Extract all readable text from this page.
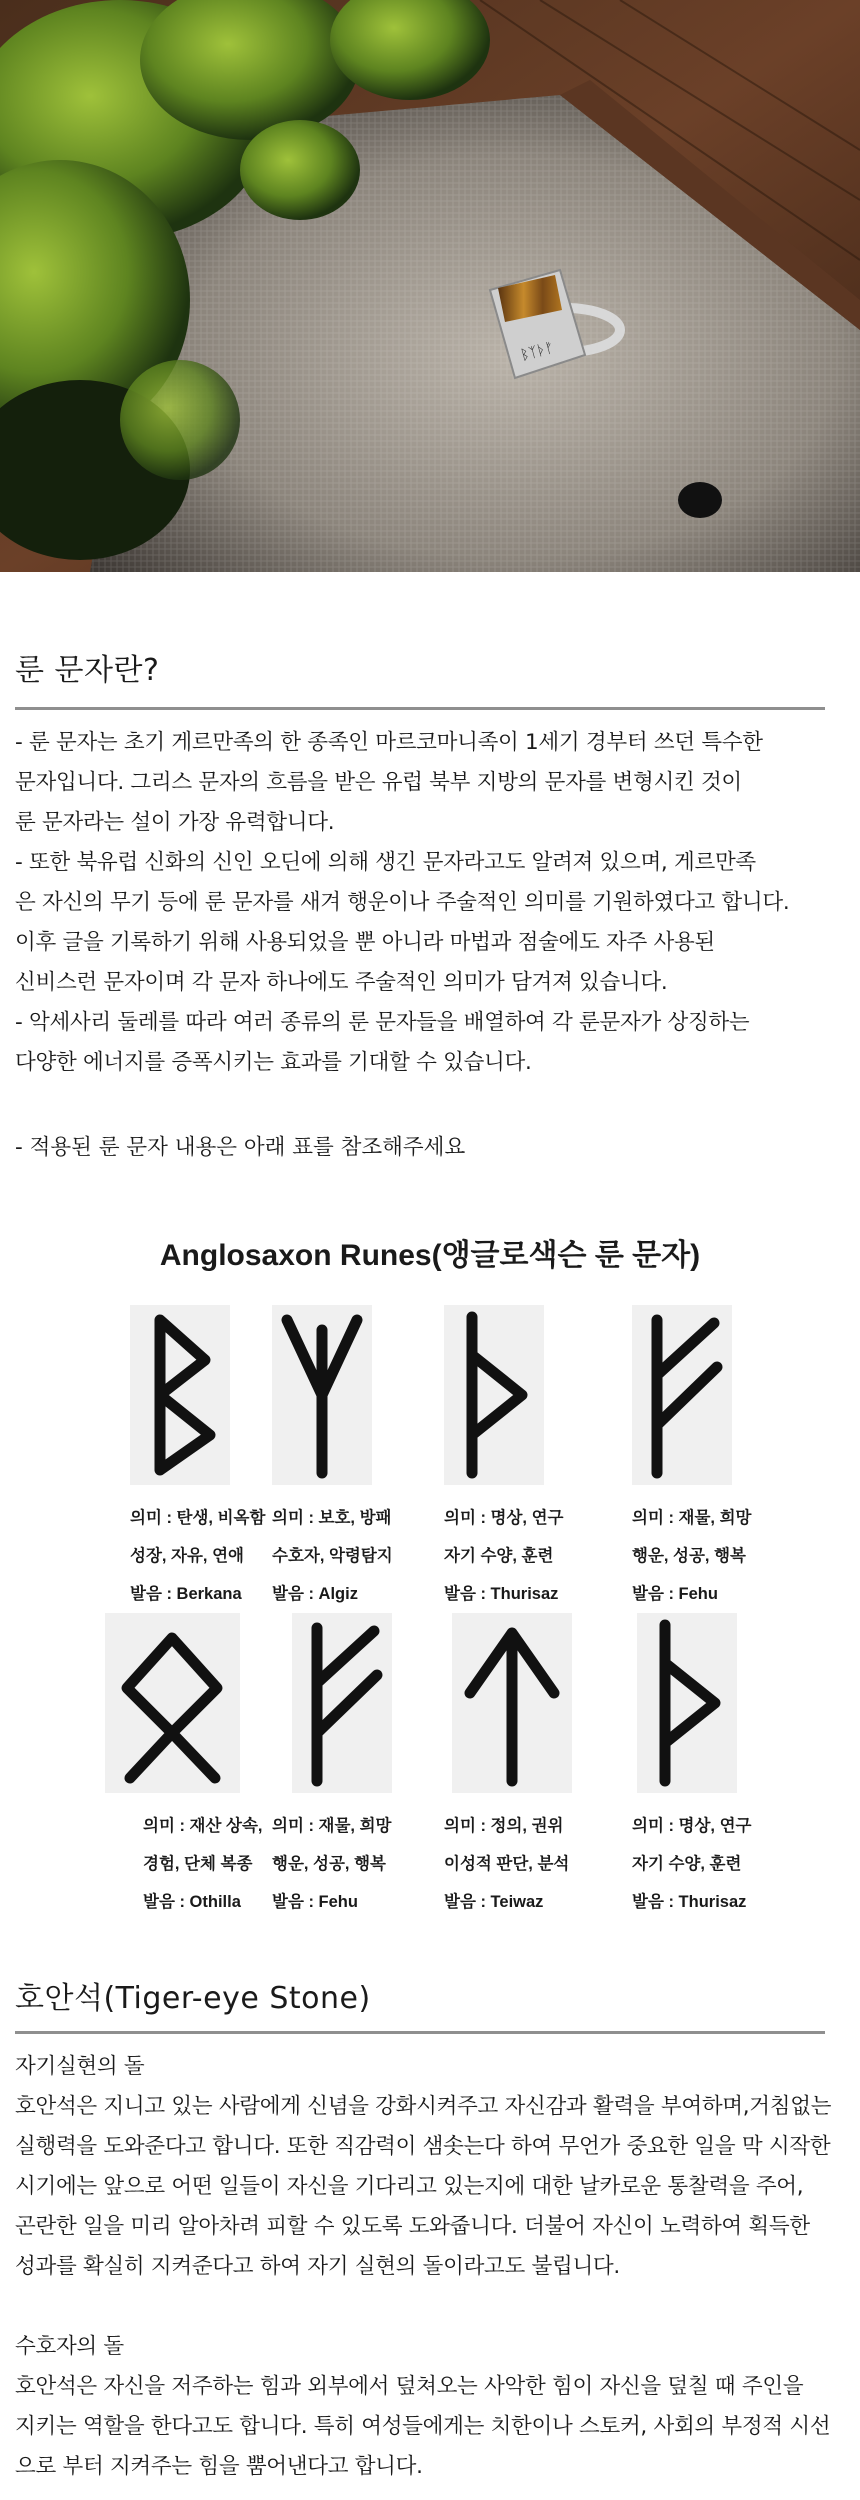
ᛒᛉᚦᚠ
룬 문자란?

- 룬 문자는 초기 게르만족의 한 종족인 마르코마니족이 1세기 경부터 쓰던 특수한
문자입니다. 그리스 문자의 흐름을 받은 유럽 북부 지방의 문자를 변형시킨 것이
룬 문자라는 설이 가장 유력합니다.
- 또한 북유럽 신화의 신인 오딘에 의해 생긴 문자라고도 알려져 있으며, 게르만족
은 자신의 무기 등에 룬 문자를 새겨 행운이나 주술적인 의미를 기원하였다고 합니다.
이후 글을 기록하기 위해 사용되었을 뿐 아니라 마법과 점술에도 자주 사용된
신비스런 문자이며 각 문자 하나에도 주술적인 의미가 담겨져 있습니다.
- 악세사리 둘레를 따라 여러 종류의 룬 문자들을 배열하여 각 룬문자가 상징하는
다양한 에너지를 증폭시키는 효과를 기대할 수 있습니다.

- 적용된 룬 문자 내용은 아래 표를 참조해주세요

Anglosaxon Runes(앵글로색슨 룬 문자)
의미 : 탄생, 비옥함
성장, 자유, 연애
발음 : Berkana
의미 : 보호, 방패
수호자, 악령탐지
발음 : Algiz
의미 : 명상, 연구
자기 수양, 훈련
발음 : Thurisaz
의미 : 재물, 희망
행운, 성공, 행복
발음 : Fehu
의미 : 재산 상속,
경험, 단체 복종
발음 : Othilla
의미 : 재물, 희망
행운, 성공, 행복
발음 : Fehu
의미 : 정의, 권위
이성적 판단, 분석
발음 : Teiwaz
의미 : 명상, 연구
자기 수양, 훈련
발음 : Thurisaz
호안석(Tiger-eye Stone)

자기실현의 돌
호안석은 지니고 있는 사람에게 신념을 강화시켜주고 자신감과 활력을 부여하며,거침없는
실행력을 도와준다고 합니다. 또한 직감력이 샘솟는다 하여 무언가 중요한 일을 막 시작한
시기에는 앞으로 어떤 일들이 자신을 기다리고 있는지에 대한 날카로운 통찰력을 주어,
곤란한 일을 미리 알아차려 피할 수 있도록 도와줍니다. 더불어 자신이 노력하여 획득한
성과를 확실히 지켜준다고 하여 자기 실현의 돌이라고도 불립니다.

수호자의 돌
호안석은 자신을 저주하는 힘과 외부에서 덮쳐오는 사악한 힘이 자신을 덮칠 때 주인을
지키는 역할을 한다고도 합니다. 특히 여성들에게는 치한이나 스토커, 사회의 부정적 시선
으로 부터 지켜주는 힘을 뿜어낸다고 합니다.
